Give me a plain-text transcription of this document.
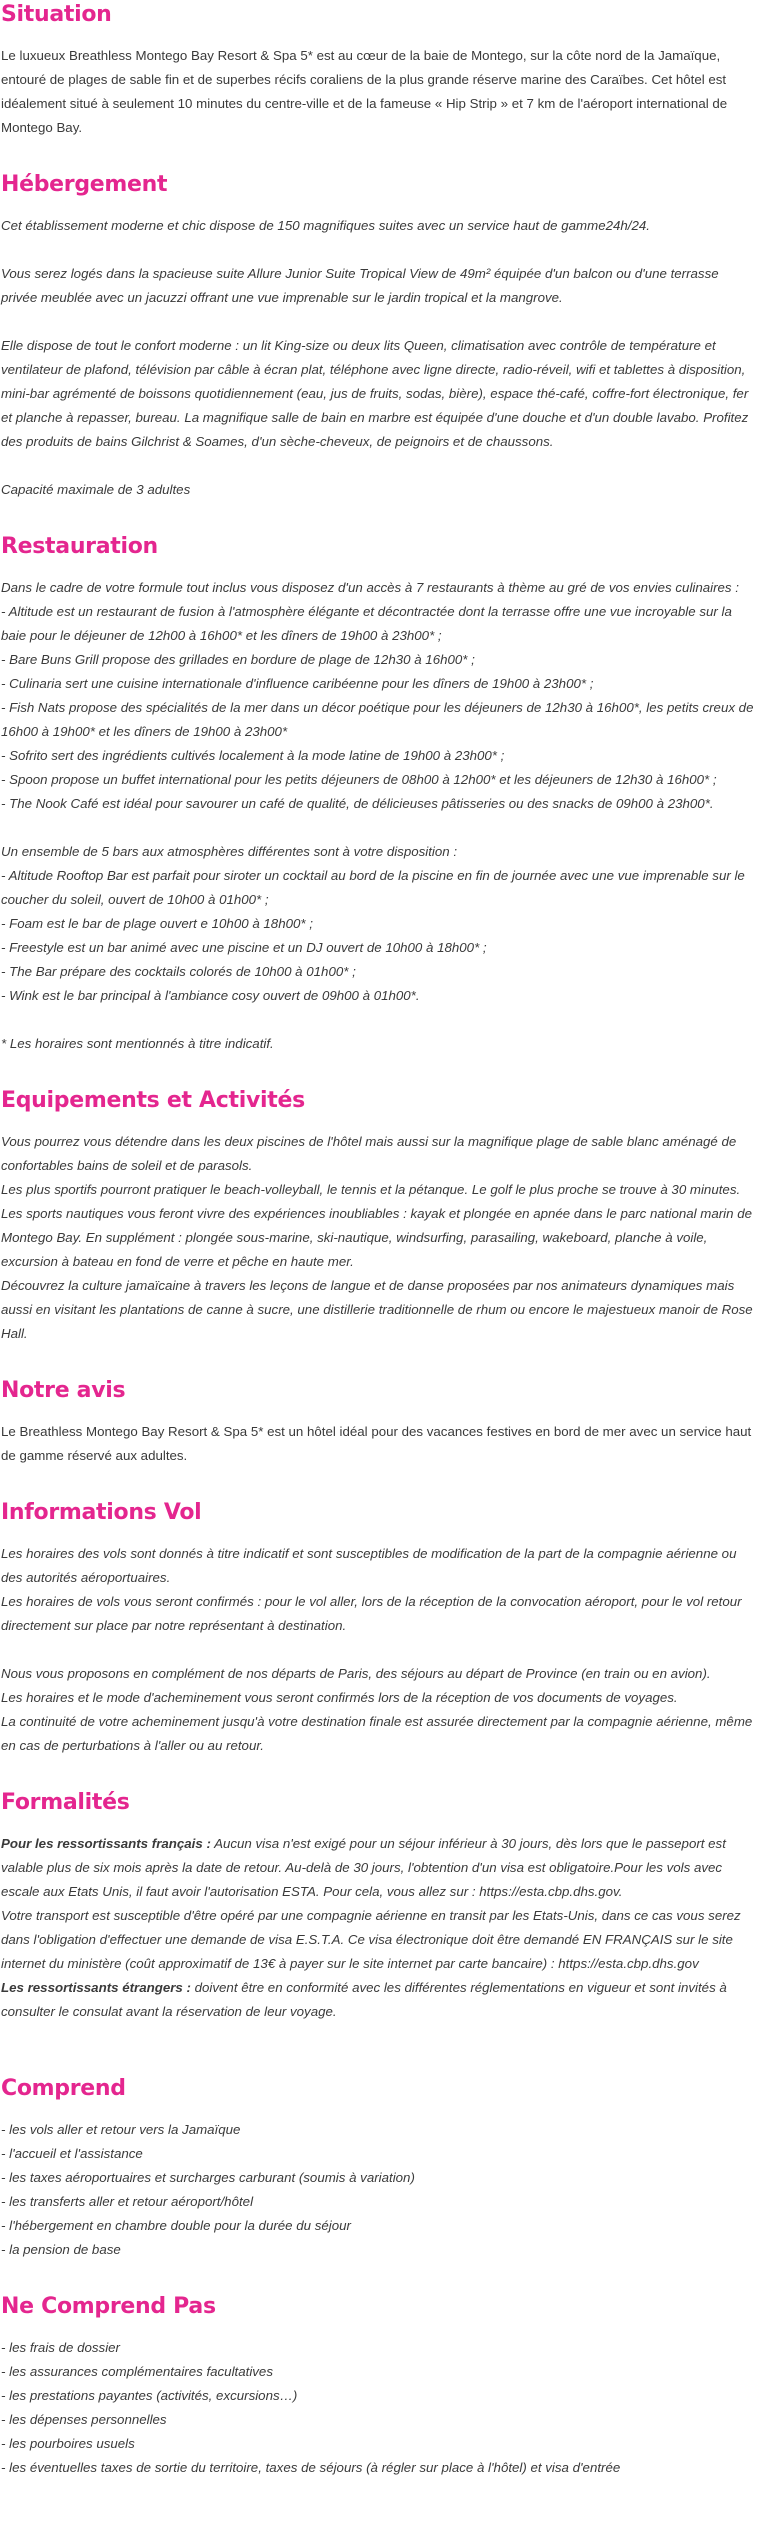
Situation

Le luxueux Breathless Montego Bay Resort & Spa 5* est au cœur de la baie de Montego, sur la côte nord de la Jamaïque, entouré de plages de sable fin et de superbes récifs coraliens de la plus grande réserve marine des Caraïbes. Cet hôtel est idéalement situé à seulement 10 minutes du centre-ville et de la fameuse « Hip Strip » et 7 km de l'aéroport international de Montego Bay.

Hébergement

Cet établissement moderne et chic dispose de 150 magnifiques suites avec un service haut de gamme24h/24.

Vous serez logés dans la spacieuse suite Allure Junior Suite Tropical View de 49m² équipée d'un balcon ou d'une terrasse privée meublée avec un jacuzzi offrant une vue imprenable sur le jardin tropical et la mangrove.

Elle dispose de tout le confort moderne : un lit King-size ou deux lits Queen, climatisation avec contrôle de température et ventilateur de plafond, télévision par câble à écran plat, téléphone avec ligne directe, radio-réveil, wifi et tablettes à disposition, mini-bar agrémenté de boissons quotidiennement (eau, jus de fruits, sodas, bière), espace thé-café, coffre-fort électronique, fer et planche à repasser, bureau. La magnifique salle de bain en marbre est équipée d'une douche et d'un double lavabo. Profitez des produits de bains Gilchrist & Soames, d'un sèche-cheveux, de peignoirs et de chaussons.

Capacité maximale de 3 adultes

Restauration

Dans le cadre de votre formule tout inclus vous disposez d'un accès à 7 restaurants à thème au gré de vos envies culinaires :

- Altitude est un restaurant de fusion à l'atmosphère élégante et décontractée dont la terrasse offre une vue incroyable sur la baie pour le déjeuner de 12h00 à 16h00* et les dîners de 19h00 à 23h00* ;

- Bare Buns Grill propose des grillades en bordure de plage de 12h30 à 16h00* ;

- Culinaria sert une cuisine internationale d'influence caribéenne pour les dîners de 19h00 à 23h00* ;

- Fish Nats propose des spécialités de la mer dans un décor poétique pour les déjeuners de 12h30 à 16h00*, les petits creux de 16h00 à 19h00* et les dîners de 19h00 à 23h00*

- Sofrito sert des ingrédients cultivés localement à la mode latine de 19h00 à 23h00* ;

- Spoon propose un buffet international pour les petits déjeuners de 08h00 à 12h00* et les déjeuners de 12h30 à 16h00* ;

- The Nook Café est idéal pour savourer un café de qualité, de délicieuses pâtisseries ou des snacks de 09h00 à 23h00*.

Un ensemble de 5 bars aux atmosphères différentes sont à votre disposition :

- Altitude Rooftop Bar est parfait pour siroter un cocktail au bord de la piscine en fin de journée avec une vue imprenable sur le coucher du soleil, ouvert de 10h00 à 01h00* ;

- Foam est le bar de plage ouvert e 10h00 à 18h00* ;

- Freestyle est un bar animé avec une piscine et un DJ ouvert de 10h00 à 18h00* ;

- The Bar prépare des cocktails colorés de 10h00 à 01h00* ;

- Wink est le bar principal à l'ambiance cosy ouvert de 09h00 à 01h00*.

* Les horaires sont mentionnés à titre indicatif.

Equipements et Activités

Vous pourrez vous détendre dans les deux piscines de l'hôtel mais aussi sur la magnifique plage de sable blanc aménagé de confortables bains de soleil et de parasols.

Les plus sportifs pourront pratiquer le beach-volleyball, le tennis et la pétanque. Le golf le plus proche se trouve à 30 minutes. Les sports nautiques vous feront vivre des expériences inoubliables : kayak et plongée en apnée dans le parc national marin de Montego Bay. En supplément : plongée sous-marine, ski-nautique, windsurfing, parasailing, wakeboard, planche à voile, excursion à bateau en fond de verre et pêche en haute mer.

Découvrez la culture jamaïcaine à travers les leçons de langue et de danse proposées par nos animateurs dynamiques mais aussi en visitant les plantations de canne à sucre, une distillerie traditionnelle de rhum ou encore le majestueux manoir de Rose Hall.

Notre avis

Le Breathless Montego Bay Resort & Spa 5* est un hôtel idéal pour des vacances festives en bord de mer avec un service haut de gamme réservé aux adultes.

Informations Vol

Les horaires des vols sont donnés à titre indicatif et sont susceptibles de modification de la part de la compagnie aérienne ou des autorités aéroportuaires.

Les horaires de vols vous seront confirmés : pour le vol aller, lors de la réception de la convocation aéroport, pour le vol retour directement sur place par notre représentant à destination.

Nous vous proposons en complément de nos départs de Paris, des séjours au départ de Province (en train ou en avion).

Les horaires et le mode d'acheminement vous seront confirmés lors de la réception de vos documents de voyages.

La continuité de votre acheminement jusqu'à votre destination finale est assurée directement par la compagnie aérienne, même en cas de perturbations à l'aller ou au retour.

Formalités

Pour les ressortissants français : Aucun visa n'est exigé pour un séjour inférieur à 30 jours, dès lors que le passeport est valable plus de six mois après la date de retour. Au-delà de 30 jours, l'obtention d'un visa est obligatoire.Pour les vols avec escale aux Etats Unis, il faut avoir l'autorisation ESTA. Pour cela, vous allez sur : https://esta.cbp.dhs.gov.

Votre transport est susceptible d'être opéré par une compagnie aérienne en transit par les Etats-Unis, dans ce cas vous serez dans l'obligation d'effectuer une demande de visa E.S.T.A. Ce visa électronique doit être demandé EN FRANÇAIS sur le site internet du ministère (coût approximatif de 13€ à payer sur le site internet par carte bancaire) : https://esta.cbp.dhs.gov

Les ressortissants étrangers : doivent être en conformité avec les différentes réglementations en vigueur et sont invités à consulter le consulat avant la réservation de leur voyage.

Comprend

- les vols aller et retour vers la Jamaïque

- l'accueil et l'assistance

- les taxes aéroportuaires et surcharges carburant (soumis à variation)

- les transferts aller et retour aéroport/hôtel

- l'hébergement en chambre double pour la durée du séjour

- la pension de base

Ne Comprend Pas

- les frais de dossier

- les assurances complémentaires facultatives

- les prestations payantes (activités, excursions…)

- les dépenses personnelles

- les pourboires usuels

- les éventuelles taxes de sortie du territoire, taxes de séjours (à régler sur place à l'hôtel) et visa d'entrée
